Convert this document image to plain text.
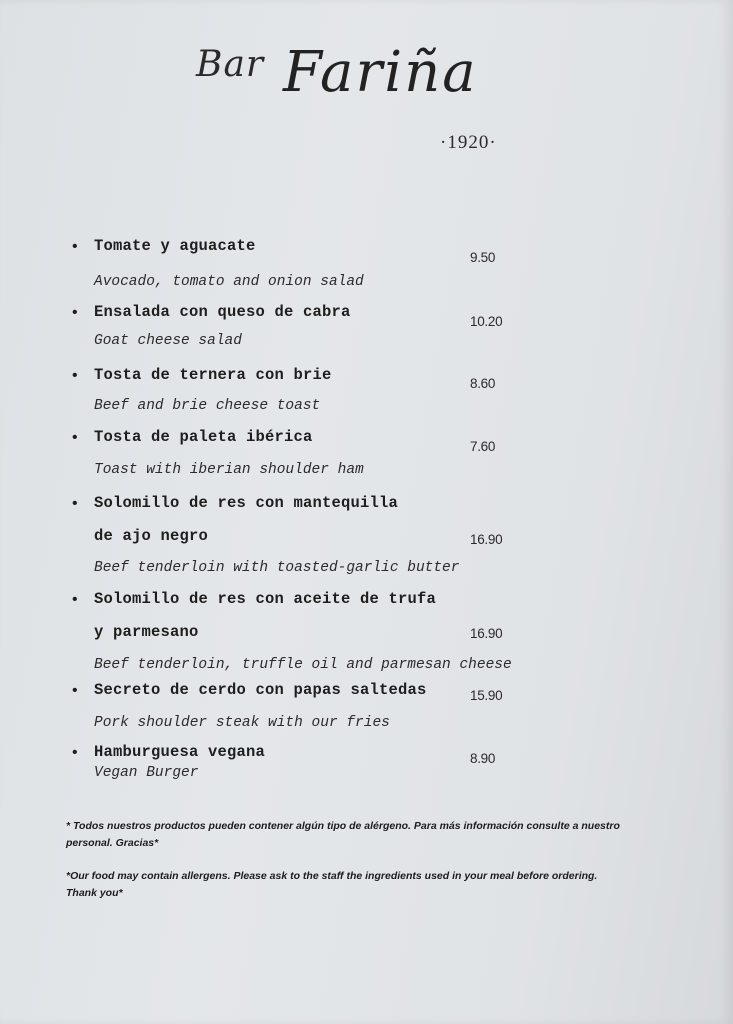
Bar Fariña
·1920·
• Tomate y aguacate
Avocado, tomato and onion salad
9.50
• Ensalada con queso de cabra
Goat cheese salad
10.20
• Tosta de ternera con brie
Beef and brie cheese toast
8.60
• Tosta de paleta ibérica
Toast with iberian shoulder ham
7.60
• Solomillo de res con mantequilla
de ajo negro
Beef tenderloin with toasted-garlic butter
16.90
• Solomillo de res con aceite de trufa
y parmesano
Beef tenderloin, truffle oil and parmesan cheese
16.90
• Secreto de cerdo con papas saltedas
Pork shoulder steak with our fries
15.90
• Hamburguesa vegana
Vegan Burger
8.90
* Todos nuestros productos pueden contener algún tipo de alérgeno. Para más información consulte a nuestro personal. Gracias*
*Our food may contain allergens. Please ask to the staff the ingredients used in your meal before ordering. Thank you*
